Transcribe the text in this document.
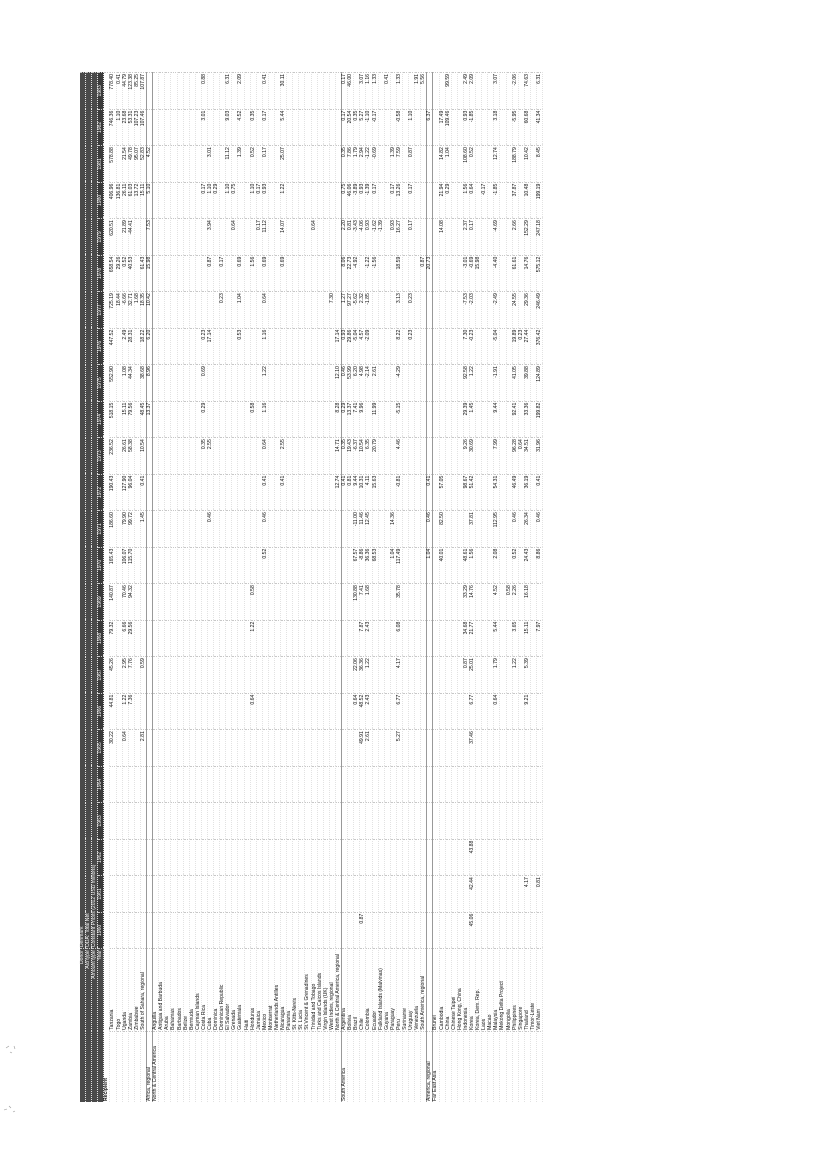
Donor		Denmark																							
Aid type		ODA: Total Net																							
Amount type		Constant Prices (2012 USD millions)																							
Year		1960	1961	1962	1963	1964	1965	1966	1967	1968	1969	1970	1971	1972	1973	1974	1975	1976	1977	1978	1979	1980	1981	1982	1983
Recipient																									
	Tanzania						30.22	44.81	45.26	79.32	140.87	165.43	186.60	190.43	236.52	518.15	552.90	447.52	725.19	658.54	620.51	406.96	578.88	746.36	778.40
	Togo																		18.44	29.26		136.81		1.10	0.41
	Uganda						0.64	1.22	2.95	6.66	70.46	106.07	79.90	127.90	26.61	15.11	1.08	2.49	-6.66	0.52	21.89	26.11	21.54	23.68	44.79
	Zambia							7.36	7.76	29.56	94.32	115.70	99.72	96.04	58.38	79.56	44.34	28.31	32.71	40.53	-44.41	61.03	49.78	53.31	123.38
	Zimbabwe																		1.68			13.72	95.07	107.23	85.25
	South of Sahara, regional						2.81		0.59				1.45	0.41	10.54	48.45	38.68	18.22	18.35	61.43		15.11	52.83	107.46	107.87
Africa, regional																13.37	8.96	6.20	10.42	15.98	7.53	5.10	4.52		
North & Central America	Anguilla																								
	Antigua and Barbuda																								
	Aruba																								
	Bahamas																								
	Barbados																								
	Belize																								
	Bermuda																								
	Cayman Islands																								
	Costa Rica														0.35	0.29	0.69	0.23				0.17		3.01	0.88
	Cuba												0.46		2.55			17.14		0.87	3.94	1.10	3.01		
	Dominica																					0.29			
	Dominican Republic																		0.23	0.17					
	El Salvador																					1.10	11.12	9.03	6.31
	Grenada																				0.64	0.75			
	Guatemala																	0.53	1.04	0.69			1.39	4.52	2.09
	Haiti																								
	Honduras							0.64		1.22	0.58					0.58				1.56		1.10	0.52	0.35	
	Jamaica																				0.17	0.17			
	Mexico											0.52	0.46	0.41	0.64	1.16	1.22	1.16	0.64	0.69	11.12	0.93	0.17	0.17	0.41
	Montserrat																								
	Netherlands Antilles																								
	Nicaragua													0.41	2.55					0.69	14.07	1.22	25.07	5.44	30.11
	Panama																								
	St. Kitts-Nevis																								
	St. Lucia																								
	St.Vincent & Grenadines																								
	Trinidad and Tobago																				0.64				
	Turks and Caicos Islands																								
	Virgin Islands (UK)																								
	West Indies, regional																		7.30						
	North & Central America, regional													12.74	14.71	8.28	12.10	17.14							
South America	Argentina													0.41	0.35	0.29	0.46	0.93	1.27	8.06	2.20	0.75	0.35	0.17	0.17
	Bolivia													0.81	19.43	13.37	53.99	29.86	97.27	22.73	0.81	46.06	7.86	20.54	46.00
	Brazil							0.64	22.06		130.88	67.57	-11.00	9.44	-6.37	7.41	6.20	-5.04	-5.62	-4.92	-3.43	-3.89	1.79	0.35	
	Chile	0.87					49.91	48.52	36.36	7.87	7.41	-8.86	11.46	10.31	10.54	9.96	4.98	4.57	2.32		-4.06	0.93	2.94	5.27	3.07
	Colombia						2.61	2.43	1.22	2.43	1.68	36.36	12.45	4.11	6.35		-2.14	-2.09	-1.85	-1.22	0.93	-1.39	-1.22	-1.10	1.16
	Ecuador											68.53		15.63	20.79	11.99	2.61			-1.56	-1.62	0.17	-0.69	-0.17	1.33
	Falkland Islands (Malvinas)																				-1.39				
	Guyana																								0.41
	Paraguay											1.04	14.36								0.93	0.17	1.39		
	Peru						5.27	6.77	4.17	6.08	35.78	117.49		-0.81	4.46	-5.15	-4.29	8.22	3.13	18.59	16.27	13.26	7.59	-0.58	1.33
	Suriname																								
	Uruguay																	0.23	0.23		0.17	0.17	0.87	1.10	
	Venezuela																								1.91
	South America, regional																			0.87					5.56
America, regional												1.04	0.46	0.41						20.73				6.37	
Far East Asia	Brunei																								
	Cambodia											40.01	82.50	57.05							14.08	21.94	14.82	17.49	
	China																					0.29	1.04	109.46	99.59
	Chinese Taipei																								
	Hong Kong, China																								
	Indonesia								0.87	34.68	33.29	48.61		98.67	9.26	29.39	92.58	7.30	-7.53	-3.01	2.37	1.56	108.60	0.93	2.49
	Korea	45.06	42.44	43.88			37.46	6.77	25.01	21.77	14.76	1.56	37.81	51.42	30.69	1.45	1.22	-0.23	-2.03	-0.69	0.17	0.64	0.52	-1.85	2.09
	Korea, Dem. Rep.																			15.98					
	Laos																					-0.17			
	Macao																								
	Malaysia							0.64	1.79	5.44	4.52	2.08	112.95	54.31	7.99	9.44	-1.91	-5.04	-2.49	-4.40	-4.69	-1.85	12.74	3.18	3.07
	Mekong Delta Project																								
	Mongolia										0.58														
	Philippines								1.22	3.65	2.26	0.52	0.46	46.49	96.28	92.41	41.05	19.89	24.55	61.61	2.66	37.87	188.79	-5.95	-2.06
	Singapore														0.64			0.23							
	Thailand		4.17					9.21	5.39	15.11	16.18	24.43	26.34	36.19	34.51	33.36	39.88	27.44	29.36	14.76	152.29	10.48	10.42	60.68	74.63
	Timor-Leste																								
	Viet Nam		0.81							7.97		8.86	0.46	0.41	31.96	199.82	124.89	376.42	246.49	575.12	247.18	199.19	8.45	41.34	6.31
